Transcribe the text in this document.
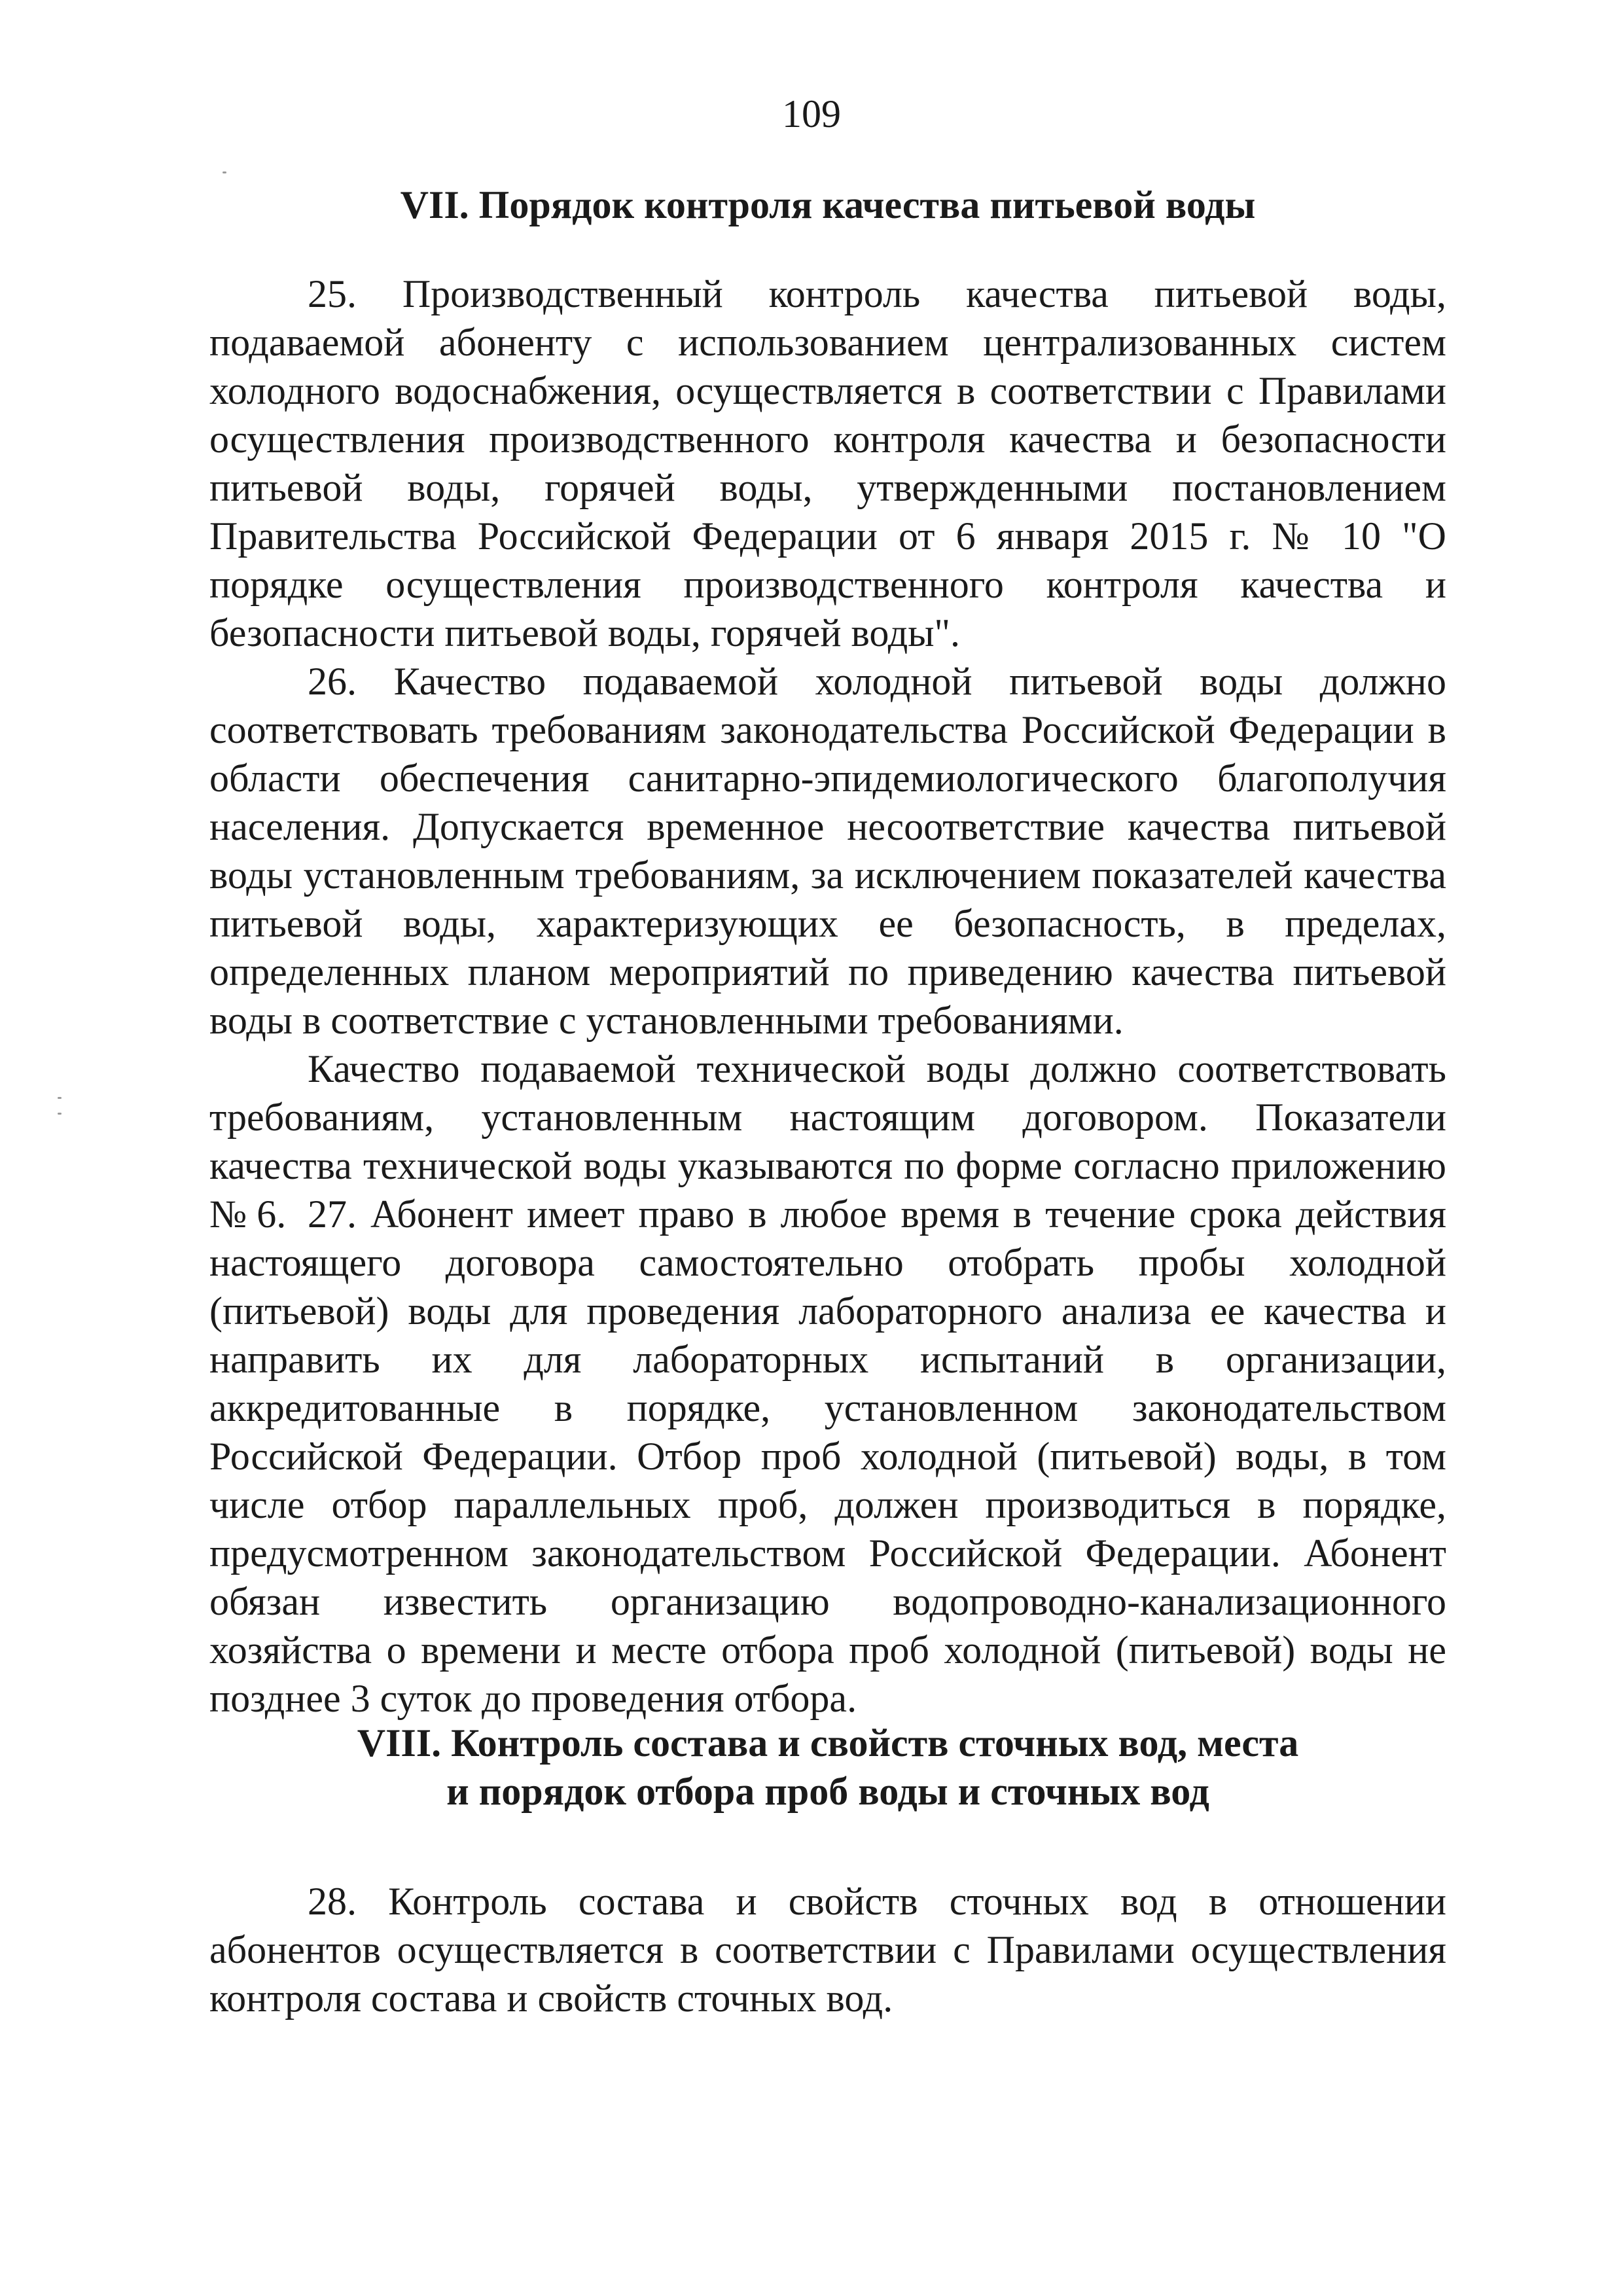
109
VII. Порядок контроля качества питьевой воды

25. Производственный контроль качества питьевой воды, подаваемой абоненту с использованием централизованных систем холодного водоснабжения, осуществляется в соответствии с Правилами осуществления производственного контроля качества и безопасности питьевой воды, горячей воды, утвержденными постановлением Правительства Российской Федерации от 6 января 2015 г. № 10 "О порядке осуществления производственного контроля качества и безопасности питьевой воды, горячей воды".

26. Качество подаваемой холодной питьевой воды должно соответствовать требованиям законодательства Российской Федерации в области обеспечения санитарно-эпидемиологического благополучия населения. Допускается временное несоответствие качества питьевой воды установленным требованиям, за исключением показателей качества питьевой воды, характеризующих ее безопасность, в пределах, определенных планом мероприятий по приведению качества питьевой воды в соответствие с установленными требованиями.

Качество подаваемой технической воды должно соответствовать требованиям, установленным настоящим договором. Показатели качества технической воды указываются по форме согласно приложению № 6. 27. Абонент имеет право в любое время в течение срока действия настоящего договора самостоятельно отобрать пробы холодной (питьевой) воды для проведения лабораторного анализа ее качества и направить их для лабораторных испытаний в организации, аккредитованные в порядке, установленном законодательством Российской Федерации. Отбор проб холодной (питьевой) воды, в том числе отбор параллельных проб, должен производиться в порядке, предусмотренном законодательством Российской Федерации. Абонент обязан известить организацию водопроводно-канализационного хозяйства о времени и месте отбора проб холодной (питьевой) воды не позднее 3 суток до проведения отбора.

VIII. Контроль состава и свойств сточных вод, места
и порядок отбора проб воды и сточных вод

28. Контроль состава и свойств сточных вод в отношении абонентов осуществляется в соответствии с Правилами осуществления контроля состава и свойств сточных вод.
